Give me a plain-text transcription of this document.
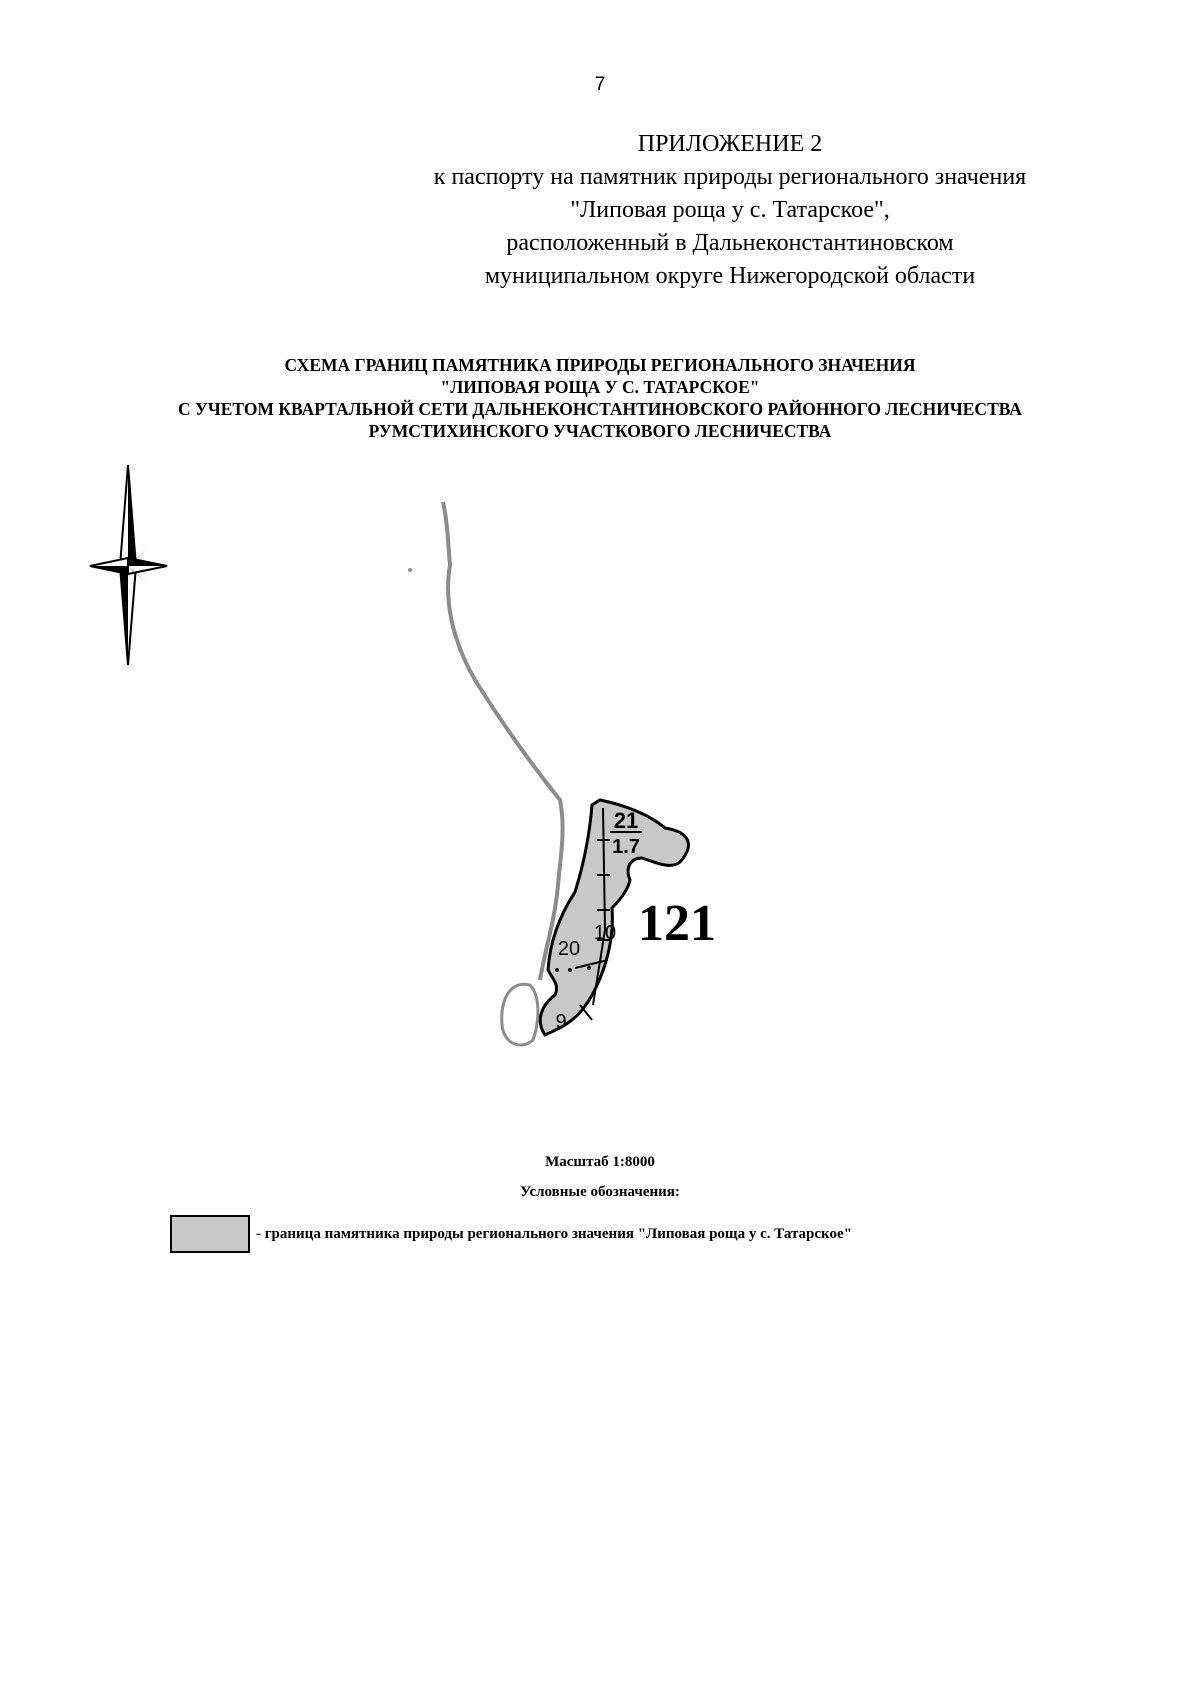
7
ПРИЛОЖЕНИЕ 2
к паспорту на памятник природы регионального значения
"Липовая роща у с. Татарское",
расположенный в Дальнеконстантиновском
муниципальном округе Нижегородской области
СХЕМА ГРАНИЦ ПАМЯТНИКА ПРИРОДЫ РЕГИОНАЛЬНОГО ЗНАЧЕНИЯ
"ЛИПОВАЯ РОЩА У С. ТАТАРСКОЕ"
С УЧЕТОМ КВАРТАЛЬНОЙ СЕТИ ДАЛЬНЕКОНСТАНТИНОВСКОГО РАЙОННОГО ЛЕСНИЧЕСТВА
РУМСТИХИНСКОГО УЧАСТКОВОГО ЛЕСНИЧЕСТВА
21
1.7
10
20
9
121
Масштаб 1:8000
Условные обозначения:
- граница памятника природы регионального значения "Липовая роща у с. Татарское"
